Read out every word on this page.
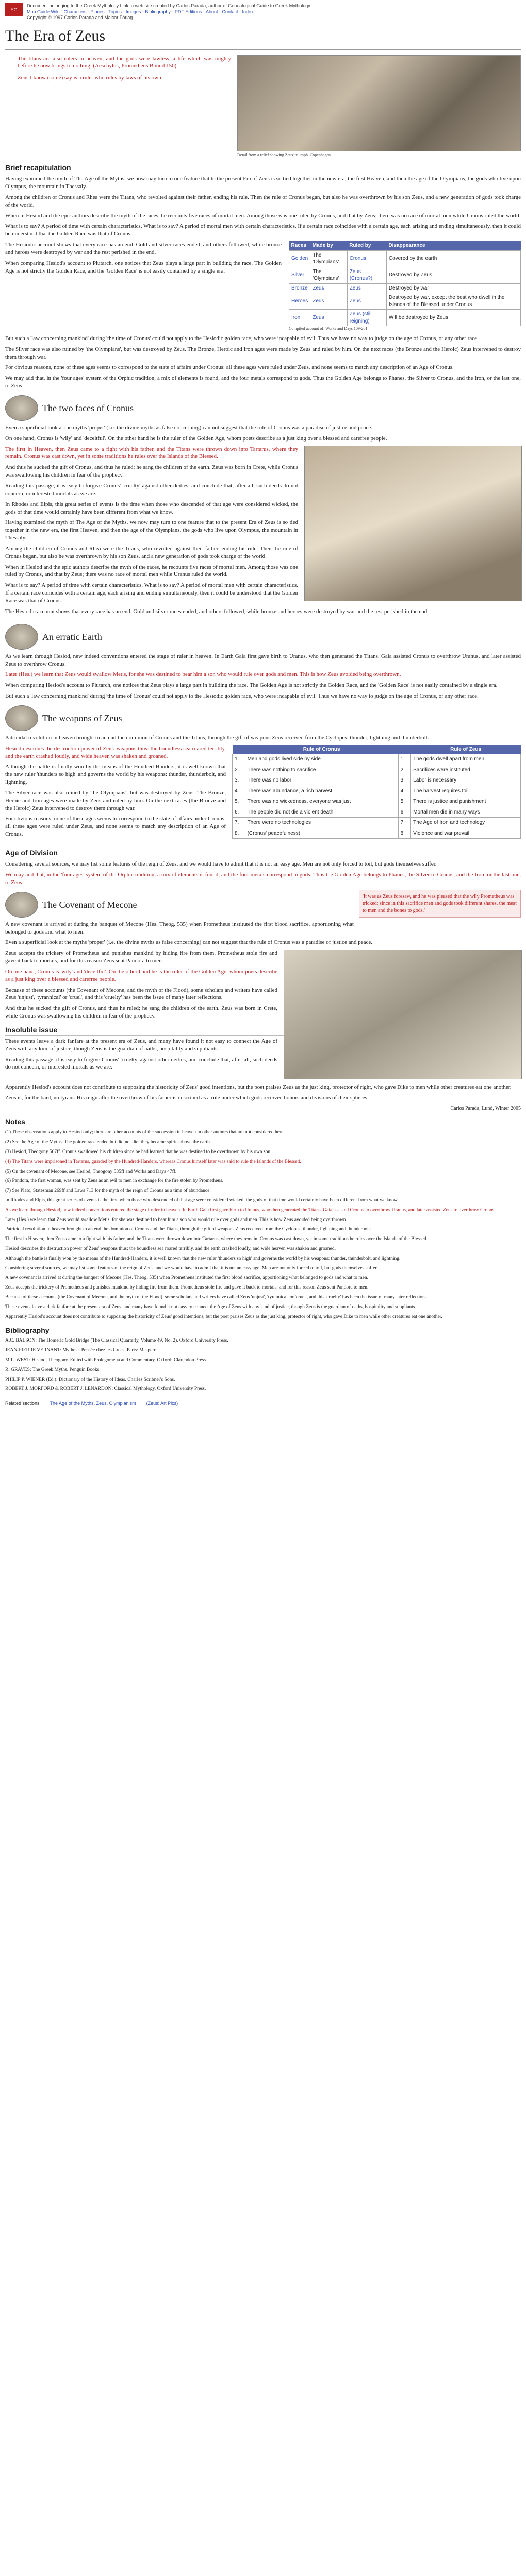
EG
Document belonging to the Greek Mythology Link, a web site created by Carlos Parada, author of Genealogical Guide to Greek Mythology
Map Guide Wiki - Characters - Places - Topics - Images - Bibliography - PDF Editions - About - Contact - Index
Copyright © 1997 Carlos Parada and Maicar Förlag
The Era of Zeus

The titans are also rulers in heaven, and the gods were lawless, a life which was mighty before he now brings to nothing. (Aeschylus, Prometheus Bound 150)

Zeus I know (some) say is a ruler who rules by laws of his own.

Detail from a relief showing Zeus' triumph. Copenhagen.
Brief recapitulation

Having examined the myth of The Age of the Myths, we now may turn to one feature that to the present Era of Zeus is so tied together in the new era, the first Heaven, and then the age of the Olympians, the gods who live upon Olympus, the mountain in Thessaly.

Among the children of Cronus and Rhea were the Titans, who revolted against their father, ending his rule. Then the rule of Cronus began, but also he was overthrown by his son Zeus, and a new generation of gods took charge of the world.

When in Hesiod and the epic authors describe the myth of the races, he recounts five races of mortal men. Among those was one ruled by Cronus, and that by Zeus; there was no race of mortal men while Uranus ruled the world.

What is to say? A period of time with certain characteristics. What is to say? A period of mortal men with certain characteristics. If a certain race coincides with a certain age, each arising and ending simultaneously, then it could be understood that the Golden Race was that of Cronus.

The Hesiodic account shows that every race has an end. Gold and silver races ended, and others followed, while bronze and heroes were destroyed by war and the rest perished in the end.

When comparing Hesiod's account to Plutarch, one notices that Zeus plays a large part in building the race. The Golden Age is not strictly the Golden Race, and the 'Golden Race' is not easily contained by a single era.

Races	Made by	Ruled by	Disappearance
Golden	The 'Olympians'	Cronus	Covered by the earth
Silver	The 'Olympians'	Zeus (Cronus?)	Destroyed by Zeus
Bronze	Zeus	Zeus	Destroyed by war
Heroes	Zeus	Zeus	Destroyed by war, except the best who dwell in the Islands of the Blessed under Cronus
Iron	Zeus	Zeus (still reigning)	Will be destroyed by Zeus
Compiled account of: Works and Days 109-201

But such a 'law concerning mankind' during 'the time of Cronus' could not apply to the Hesiodic golden race, who were incapable of evil. Thus we have no way to judge on the age of Cronus, or any other race.

The Silver race was also ruined by 'the Olympians', but was destroyed by Zeus. The Bronze, Heroic and Iron ages were made by Zeus and ruled by him. On the next races (the Bronze and the Heroic) Zeus intervened to destroy them through war.

For obvious reasons, none of these ages seems to correspond to the state of affairs under Cronus: all these ages were ruled under Zeus, and none seems to match any description of an Age of Cronus.

We may add that, in the 'four ages' system of the Orphic tradition, a mix of elements is found, and the four metals correspond to gods. Thus the Golden Age belongs to Phanes, the Silver to Cronus, and the Iron, or the last one, to Zeus.

The two faces of Cronus

Even a superficial look at the myths 'proper' (i.e. the divine myths as false concerning) can not suggest that the rule of Cronus was a paradise of justice and peace.

On one hand, Cronus is 'wily' and 'deceitful'. On the other hand he is the ruler of the Golden Age, whom poets describe as a just king over a blessed and carefree people.

The first in Heaven, then Zeus came to a fight with his father, and the Titans were thrown down into Tartarus, where they remain. Cronus was cast down, yet in some traditions he rules over the Islands of the Blessed.

And thus he sucked the gift of Cronus, and thus he ruled; he sang the children of the earth. Zeus was born in Crete, while Cronus was swallowing his children in fear of the prophecy.

Reading this passage, it is easy to forgive Cronus' 'cruelty' against other deities, and conclude that, after all, such deeds do not concern, or interested mortals as we are.

In Rhodes and Elpis, this great series of events is the time when those who descended of that age were considered wicked, the gods of that time would certainly have been different from what we know.

Having examined the myth of The Age of the Myths, we now may turn to one feature that to the present Era of Zeus is so tied together in the new era, the first Heaven, and then the age of the Olympians, the gods who live upon Olympus, the mountain in Thessaly.

Among the children of Cronus and Rhea were the Titans, who revolted against their father, ending his rule. Then the rule of Cronus began, but also he was overthrown by his son Zeus, and a new generation of gods took charge of the world.

When in Hesiod and the epic authors describe the myth of the races, he recounts five races of mortal men. Among those was one ruled by Cronus, and that by Zeus; there was no race of mortal men while Uranus ruled the world.

What is to say? A period of time with certain characteristics. What is to say? A period of mortal men with certain characteristics. If a certain race coincides with a certain age, each arising and ending simultaneously, then it could be understood that the Golden Race was that of Cronus.

The Hesiodic account shows that every race has an end. Gold and silver races ended, and others followed, while bronze and heroes were destroyed by war and the rest perished in the end.

An erratic Earth

As we learn through Hesiod, new indeed conventions entered the stage of ruler in heaven. In Earth Gaia first gave birth to Uranus, who then generated the Titans. Gaia assisted Cronus to overthrow Uranus, and later assisted Zeus to overthrow Cronus.

Later (Hes.) we learn that Zeus would swallow Metis, for she was destined to bear him a son who would rule over gods and men. This is how Zeus avoided being overthrown.

When comparing Hesiod's account to Plutarch, one notices that Zeus plays a large part in building the race. The Golden Age is not strictly the Golden Race, and the 'Golden Race' is not easily contained by a single era.

But such a 'law concerning mankind' during 'the time of Cronus' could not apply to the Hesiodic golden race, who were incapable of evil. Thus we have no way to judge on the age of Cronus, or any other race.

The weapons of Zeus

Patricidal revolution in heaven brought to an end the dominion of Cronus and the Titans, through the gift of weapons Zeus received from the Cyclopes: thunder, lightning and thunderbolt.

	Rule of Cronus		Rule of Zeus
1.	Men and gods lived side by side	1.	The gods dwell apart from men
2.	There was nothing to sacrifice	2.	Sacrifices were instituted
3.	There was no labor	3.	Labor is necessary
4.	There was abundance, a rich harvest	4.	The harvest requires toil
5.	There was no wickedness, everyone was just	5.	There is justice and punishment
6.	The people did not die a violent death	6.	Mortal men die in many ways
7.	There were no technologies	7.	The Age of Iron and technology
8.	(Cronus' peacefulness)	8.	Violence and war prevail

Hesiod describes the destruction power of Zeus' weapons thus: the boundless sea roared terribly, and the earth crashed loudly, and wide heaven was shaken and groaned.

Although the battle is finally won by the means of the Hundred-Handers, it is well known that the new ruler 'thunders so high' and governs the world by his weapons: thunder, thunderbolt, and lightning.

The Silver race was also ruined by 'the Olympians', but was destroyed by Zeus. The Bronze, Heroic and Iron ages were made by Zeus and ruled by him. On the next races (the Bronze and the Heroic) Zeus intervened to destroy them through war.

For obvious reasons, none of these ages seems to correspond to the state of affairs under Cronus: all these ages were ruled under Zeus, and none seems to match any description of an Age of Cronus.

Age of Division

Considering several sources, we may list some features of the reign of Zeus, and we would have to admit that it is not an easy age. Men are not only forced to toil, but gods themselves suffer.

We may add that, in the 'four ages' system of the Orphic tradition, a mix of elements is found, and the four metals correspond to gods. Thus the Golden Age belongs to Phanes, the Silver to Cronus, and the Iron, or the last one, to Zeus.

'It was as Zeus foresaw, and he was pleased that the wily Prometheus was tricked; since in this sacrifice men and gods took different shares, the meat to men and the bones to gods.'
The Covenant of Mecone

A new covenant is arrived at during the banquet of Mecone (Hes. Theog. 535) when Prometheus instituted the first blood sacrifice, apportioning what belonged to gods and what to men.

Even a superficial look at the myths 'proper' (i.e. the divine myths as false concerning) can not suggest that the rule of Cronus was a paradise of justice and peace.

Zeus accepts the trickery of Prometheus and punishes mankind by hiding fire from them. Prometheus stole fire and gave it back to mortals, and for this reason Zeus sent Pandora to men.

On one hand, Cronus is 'wily' and 'deceitful'. On the other hand he is the ruler of the Golden Age, whom poets describe as a just king over a blessed and carefree people.

Because of these accounts (the Covenant of Mecone, and the myth of the Flood), some scholars and writers have called Zeus 'unjust', 'tyrannical' or 'cruel', and this 'cruelty' has been the issue of many later reflections.

And thus he sucked the gift of Cronus, and thus he ruled; he sang the children of the earth. Zeus was born in Crete, while Cronus was swallowing his children in fear of the prophecy.

Insoluble issue

These events leave a dark fanfare at the present era of Zeus, and many have found it not easy to connect the Age of Zeus with any kind of justice, though Zeus is the guardian of oaths, hospitality and suppliants.

Reading this passage, it is easy to forgive Cronus' 'cruelty' against other deities, and conclude that, after all, such deeds do not concern, or interested mortals as we are.

Apparently Hesiod's account does not contribute to supposing the historicity of Zeus' good intentions, but the poet praises Zeus as the just king, protector of right, who gave Dike to men while other creatures eat one another.

Zeus is, for the bard, no tyrant. His reign after the overthrow of his father is described as a rule under which gods received honors and divisions of their spheres.

Carlos Parada, Lund, Winter 2005
Notes

(1) These observations apply to Hesiod only; there are other accounts of the succession in heaven in other authors that are not considered here.

(2) See the Age of the Myths. The golden race ended but did not die; they became spirits above the earth.

(3) Hesiod, Theogony 507ff. Cronus swallowed his children since he had learned that he was destined to be overthrown by his own son.

(4) The Titans were imprisoned in Tartarus, guarded by the Hundred-Handers, whereas Cronus himself later was said to rule the Islands of the Blessed.

(5) On the covenant of Mecone, see Hesiod, Theogony 535ff and Works and Days 47ff.

(6) Pandora, the first woman, was sent by Zeus as an evil to men in exchange for the fire stolen by Prometheus.

(7) See Plato, Statesman 269ff and Laws 713 for the myth of the reign of Cronus as a time of abundance.

In Rhodes and Elpis, this great series of events is the time when those who descended of that age were considered wicked, the gods of that time would certainly have been different from what we know.

As we learn through Hesiod, new indeed conventions entered the stage of ruler in heaven. In Earth Gaia first gave birth to Uranus, who then generated the Titans. Gaia assisted Cronus to overthrow Uranus, and later assisted Zeus to overthrow Cronus.

Later (Hes.) we learn that Zeus would swallow Metis, for she was destined to bear him a son who would rule over gods and men. This is how Zeus avoided being overthrown.

Patricidal revolution in heaven brought to an end the dominion of Cronus and the Titans, through the gift of weapons Zeus received from the Cyclopes: thunder, lightning and thunderbolt.

The first in Heaven, then Zeus came to a fight with his father, and the Titans were thrown down into Tartarus, where they remain. Cronus was cast down, yet in some traditions he rules over the Islands of the Blessed.

Hesiod describes the destruction power of Zeus' weapons thus: the boundless sea roared terribly, and the earth crashed loudly, and wide heaven was shaken and groaned.

Although the battle is finally won by the means of the Hundred-Handers, it is well known that the new ruler 'thunders so high' and governs the world by his weapons: thunder, thunderbolt, and lightning.

Considering several sources, we may list some features of the reign of Zeus, and we would have to admit that it is not an easy age. Men are not only forced to toil, but gods themselves suffer.

A new covenant is arrived at during the banquet of Mecone (Hes. Theog. 535) when Prometheus instituted the first blood sacrifice, apportioning what belonged to gods and what to men.

Zeus accepts the trickery of Prometheus and punishes mankind by hiding fire from them. Prometheus stole fire and gave it back to mortals, and for this reason Zeus sent Pandora to men.

Because of these accounts (the Covenant of Mecone, and the myth of the Flood), some scholars and writers have called Zeus 'unjust', 'tyrannical' or 'cruel', and this 'cruelty' has been the issue of many later reflections.

These events leave a dark fanfare at the present era of Zeus, and many have found it not easy to connect the Age of Zeus with any kind of justice, though Zeus is the guardian of oaths, hospitality and suppliants.

Apparently Hesiod's account does not contribute to supposing the historicity of Zeus' good intentions, but the poet praises Zeus as the just king, protector of right, who gave Dike to men while other creatures eat one another.

Bibliography

A.C. BALSON: The Homeric Gold Bridge (The Classical Quarterly, Volume 49, No. 2). Oxford University Press.

JEAN-PIERRE VERNANT: Mythe et Pensée chez les Grecs. Paris: Maspero.

M.L. WEST: Hesiod, Theogony. Edited with Prolegomena and Commentary. Oxford: Clarendon Press.

R. GRAVES: The Greek Myths. Penguin Books.

PHILIP P. WIENER (Ed.): Dictionary of the History of Ideas. Charles Scribner's Sons.

ROBERT J. MORFORD & ROBERT J. LENARDON: Classical Mythology. Oxford University Press.

Related sections The Age of the Myths, Zeus, Olympianism (Zeus: Art Pics)
